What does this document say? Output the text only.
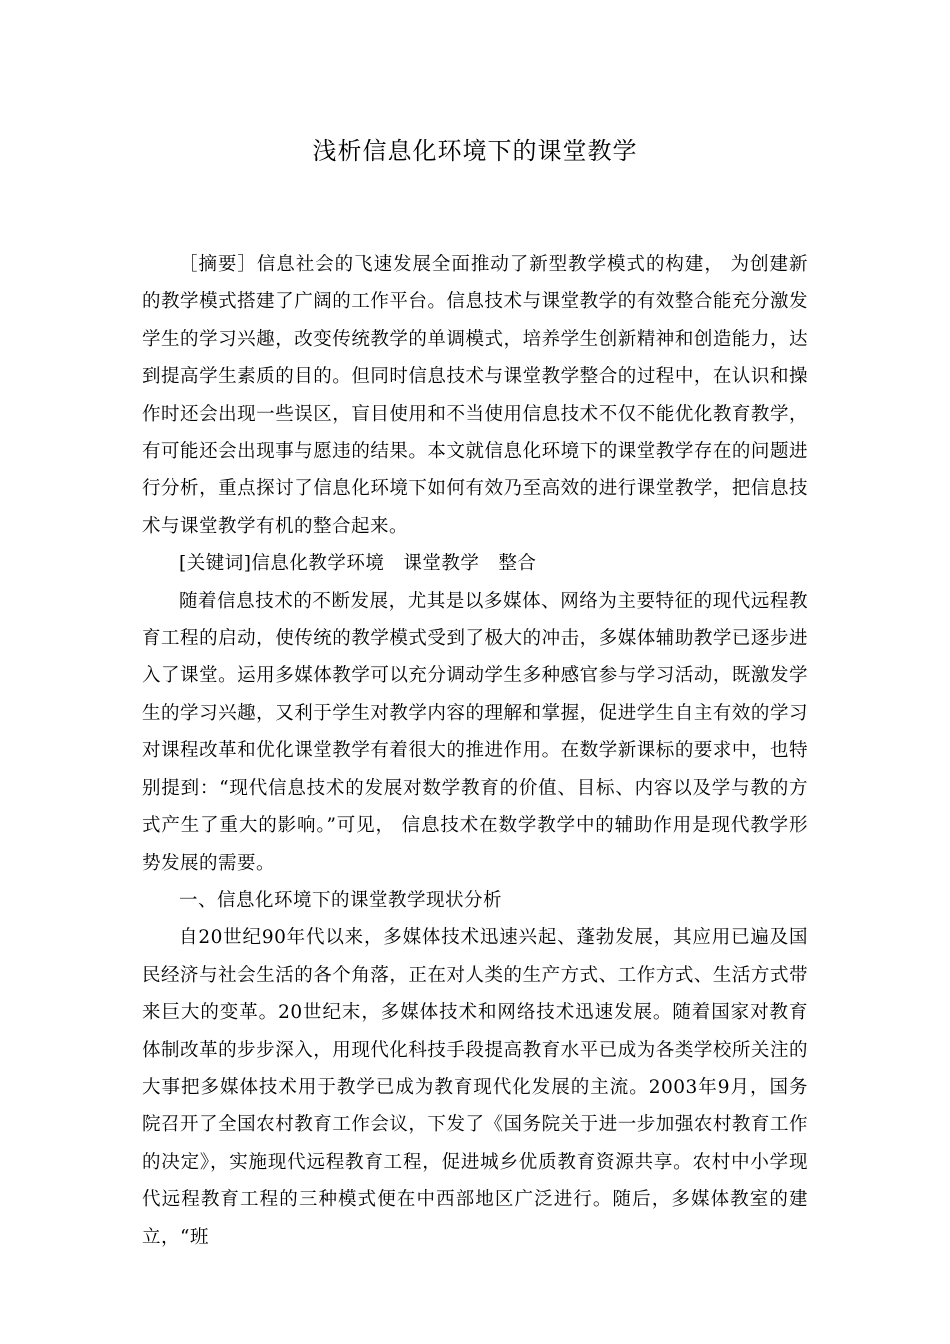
浅析信息化环境下的课堂教学

［摘要］信息社会的飞速发展全面推动了新型教学模式的构建， 为创建新的教学模式搭建了广阔的工作平台。信息技术与课堂教学的有效整合能充分激发学生的学习兴趣，改变传统教学的单调模式，培养学生创新精神和创造能力，达到提高学生素质的目的。但同时信息技术与课堂教学整合的过程中，在认识和操作时还会出现一些误区，盲目使用和不当使用信息技术不仅不能优化教育教学，有可能还会出现事与愿违的结果。本文就信息化环境下的课堂教学存在的问题进行分析，重点探讨了信息化环境下如何有效乃至高效的进行课堂教学，把信息技术与课堂教学有机的整合起来。

[关键词]信息化教学环境　课堂教学　整合

随着信息技术的不断发展，尤其是以多媒体、网络为主要特征的现代远程教育工程的启动，使传统的教学模式受到了极大的冲击，多媒体辅助教学已逐步进入了课堂。运用多媒体教学可以充分调动学生多种感官参与学习活动，既激发学生的学习兴趣，又利于学生对教学内容的理解和掌握，促进学生自主有效的学习对课程改革和优化课堂教学有着很大的推进作用。在数学新课标的要求中，也特别提到：“现代信息技术的发展对数学教育的价值、目标、内容以及学与教的方式产生了重大的影响。”可见， 信息技术在数学教学中的辅助作用是现代教学形势发展的需要。

一、信息化环境下的课堂教学现状分析

自20世纪90年代以来，多媒体技术迅速兴起、蓬勃发展，其应用已遍及国民经济与社会生活的各个角落，正在对人类的生产方式、工作方式、生活方式带来巨大的变革。20世纪末，多媒体技术和网络技术迅速发展。随着国家对教育体制改革的步步深入，用现代化科技手段提高教育水平已成为各类学校所关注的大事把多媒体技术用于教学已成为教育现代化发展的主流。2003年9月，国务院召开了全国农村教育工作会议，下发了《国务院关于进一步加强农村教育工作的决定》，实施现代远程教育工程，促进城乡优质教育资源共享。农村中小学现代远程教育工程的三种模式便在中西部地区广泛进行。随后，多媒体教室的建立，“班
